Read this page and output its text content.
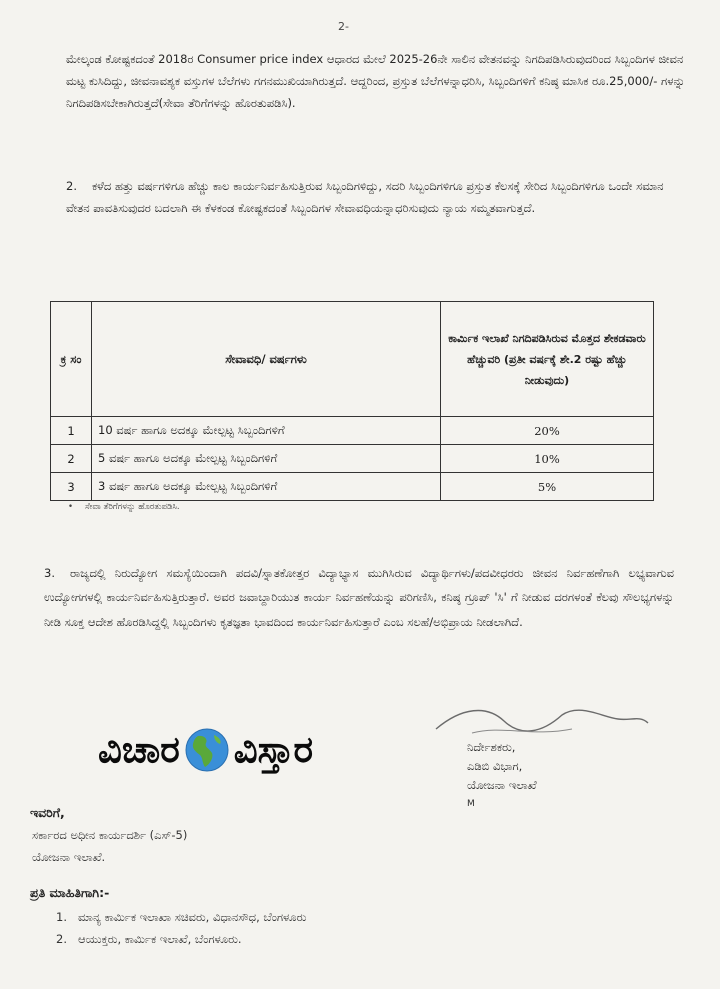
2-

ಮೇಲ್ಕಂಡ ಕೋಷ್ಟಕದಂತೆ 2018ರ Consumer price index ಆಧಾರದ ಮೇಲೆ 2025-26ನೇ ಸಾಲಿನ ವೇತನವನ್ನು ನಿಗದಿಪಡಿಸಿರುವುದರಿಂದ ಸಿಬ್ಬಂದಿಗಳ ಜೀವನ ಮಟ್ಟ ಕುಸಿದಿದ್ದು, ಜೀವನಾವಶ್ಯಕ ವಸ್ತುಗಳ ಬೆಲೆಗಳು ಗಗನಮುಖಿಯಾಗಿರುತ್ತದೆ. ಆದ್ದರಿಂದ, ಪ್ರಸ್ತುತ ಬೆಲೆಗಳನ್ನಾಧರಿಸಿ, ಸಿಬ್ಬಂದಿಗಳಿಗೆ ಕನಿಷ್ಠ ಮಾಸಿಕ ರೂ.25,000/- ಗಳನ್ನು ನಿಗದಿಪಡಿಸಬೇಕಾಗಿರುತ್ತದೆ(ಸೇವಾ ತೆರಿಗೆಗಳನ್ನು ಹೊರತುಪಡಿಸಿ).

2. ಕಳೆದ ಹತ್ತು ವರ್ಷಗಳಿಗೂ ಹೆಚ್ಚು ಕಾಲ ಕಾರ್ಯನಿರ್ವಹಿಸುತ್ತಿರುವ ಸಿಬ್ಬಂದಿಗಳಿದ್ದು, ಸದರಿ ಸಿಬ್ಬಂದಿಗಳಿಗೂ ಪ್ರಸ್ತುತ ಕೆಲಸಕ್ಕೆ ಸೇರಿದ ಸಿಬ್ಬಂದಿಗಳಿಗೂ ಒಂದೇ ಸಮಾನ ವೇತನ ಪಾವತಿಸುವುದರ ಬದಲಾಗಿ ಈ ಕೆಳಕಂಡ ಕೋಷ್ಟಕದಂತೆ ಸಿಬ್ಬಂದಿಗಳ ಸೇವಾವಧಿಯನ್ನಾಧರಿಸುವುದು ನ್ಯಾಯ ಸಮ್ಮತವಾಗುತ್ತದೆ.
ಕ್ರ ಸಂ	ಸೇವಾವಧಿ/ ವರ್ಷಗಳು	ಕಾರ್ಮಿಕ ಇಲಾಖೆ ನಿಗದಿಪಡಿಸಿರುವ ಮೊತ್ತದ ಶೇಕಡವಾರು ಹೆಚ್ಚುವರಿ (ಪ್ರತೀ ವರ್ಷಕ್ಕೆ ಶೇ.2 ರಷ್ಟು ಹೆಚ್ಚು ನೀಡುವುದು)
1	10 ವರ್ಷ ಹಾಗೂ ಅದಕ್ಕೂ ಮೇಲ್ಪಟ್ಟ ಸಿಬ್ಬಂದಿಗಳಿಗೆ	20%
2	5 ವರ್ಷ ಹಾಗೂ ಅದಕ್ಕೂ ಮೇಲ್ಪಟ್ಟ ಸಿಬ್ಬಂದಿಗಳಿಗೆ	10%
3	3 ವರ್ಷ ಹಾಗೂ ಅದಕ್ಕೂ ಮೇಲ್ಪಟ್ಟ ಸಿಬ್ಬಂದಿಗಳಿಗೆ	5%
• ಸೇವಾ ತೆರಿಗೆಗಳನ್ನು ಹೊರತುಪಡಿಸಿ.
3. ರಾಜ್ಯದಲ್ಲಿ ನಿರುದ್ಯೋಗ ಸಮಸ್ಯೆಯಿಂದಾಗಿ ಪದವಿ/ಸ್ನಾತಕೋತ್ತರ ವಿದ್ಯಾಭ್ಯಾಸ ಮುಗಿಸಿರುವ ವಿದ್ಯಾರ್ಥಿಗಳು/ಪದವೀಧರರು ಜೀವನ ನಿರ್ವಹಣೆಗಾಗಿ ಲಭ್ಯವಾಗುವ ಉದ್ಯೋಗಗಳಲ್ಲಿ ಕಾರ್ಯನಿರ್ವಹಿಸುತ್ತಿರುತ್ತಾರೆ. ಅವರ ಜವಾಬ್ದಾರಿಯುತ ಕಾರ್ಯ ನಿರ್ವಹಣೆಯನ್ನು ಪರಿಗಣಿಸಿ, ಕನಿಷ್ಠ ಗ್ರೂಪ್ 'ಸಿ' ಗೆ ನೀಡುವ ದರಗಳಂತೆ ಕೆಲವು ಸೌಲಭ್ಯಗಳನ್ನು ನೀಡಿ ಸೂಕ್ತ ಆದೇಶ ಹೊರಡಿಸಿದ್ದಲ್ಲಿ ಸಿಬ್ಬಂದಿಗಳು ಕೃತಜ್ಞತಾ ಭಾವದಿಂದ ಕಾರ್ಯನಿರ್ವಹಿಸುತ್ತಾರೆ ಎಂಬ ಸಲಹೆ/ಅಭಿಪ್ರಾಯ ನೀಡಲಾಗಿದೆ.
ವಿಚಾರ ವಿಸ್ತಾರ	ನಿರ್ದೇಶಕರು,
ಎಡಿಬಿ ವಿಭಾಗ,
ಯೋಜನಾ ಇಲಾಖೆ
M
ಇವರಿಗೆ,
ಸರ್ಕಾರದ ಅಧೀನ ಕಾರ್ಯದರ್ಶಿ (ಎಸ್-5)
ಯೋಜನಾ ಇಲಾಖೆ.
ಪ್ರತಿ ಮಾಹಿತಿಗಾಗಿ:-
1. ಮಾನ್ಯ ಕಾರ್ಮಿಕ ಇಲಾಖಾ ಸಚಿವರು, ವಿಧಾನಸೌಧ, ಬೆಂಗಳೂರು
2. ಆಯುಕ್ತರು, ಕಾರ್ಮಿಕ ಇಲಾಖೆ, ಬೆಂಗಳೂರು.
